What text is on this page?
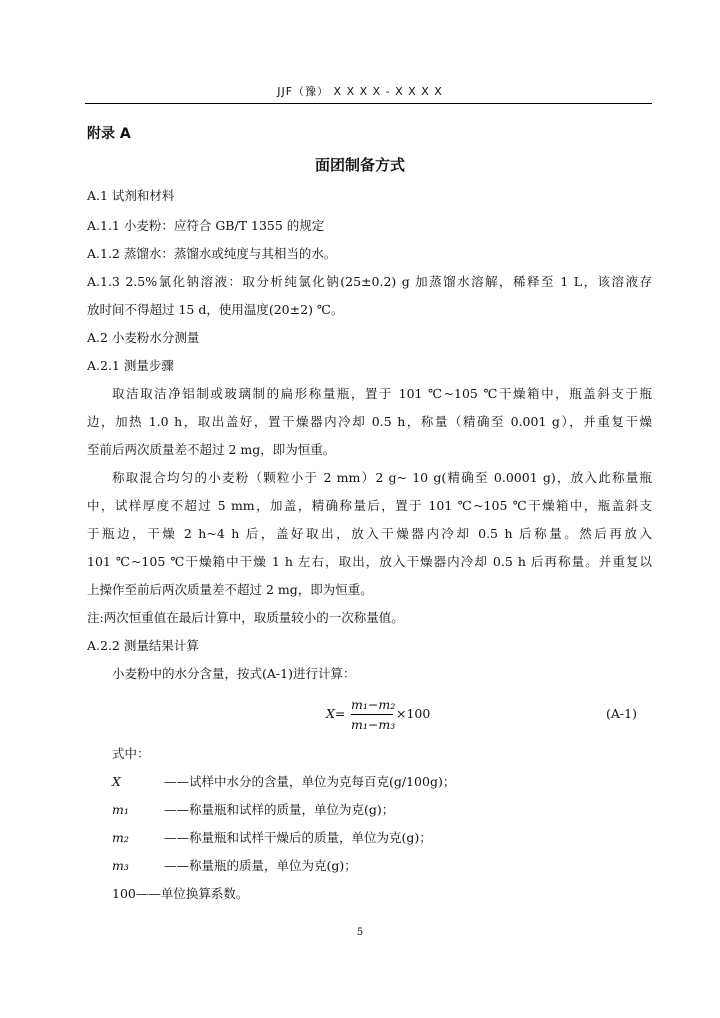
JJF（豫） X X X X - X X X X
附录 A
面团制备方式
A.1 试剂和材料
A.1.1 小麦粉：应符合 GB/T 1355 的规定
A.1.2 蒸馏水：蒸馏水或纯度与其相当的水。
A.1.3 2.5%氯化钠溶液：取分析纯氯化钠(25±0.2) g 加蒸馏水溶解，稀释至 1 L，该溶液存
放时间不得超过 15 d，使用温度(20±2) ℃。
A.2 小麦粉水分测量
A.2.1 测量步骤
取洁取洁净铝制或玻璃制的扁形称量瓶，置于 101 ℃~105 ℃干燥箱中，瓶盖斜支于瓶
边，加热 1.0 h，取出盖好，置干燥器内冷却 0.5 h，称量（精确至 0.001 g），并重复干燥
至前后两次质量差不超过 2 mg，即为恒重。
称取混合均匀的小麦粉（颗粒小于 2 mm）2 g~ 10 g(精确至 0.0001 g)，放入此称量瓶
中，试样厚度不超过 5 mm，加盖，精确称量后，置于 101 ℃~105 ℃干燥箱中，瓶盖斜支
于瓶边，干燥 2 h~4 h 后，盖好取出，放入干燥器内冷却 0.5 h 后称量。然后再放入
101 ℃~105 ℃干燥箱中干燥 1 h 左右，取出，放入干燥器内冷却 0.5 h 后再称量。并重复以
上操作至前后两次质量差不超过 2 mg，即为恒重。
注:两次恒重值在最后计算中，取质量较小的一次称量值。
A.2.2 测量结果计算
小麦粉中的水分含量，按式(A-1)进行计算：
X=
m₁−m₂
m₁−m₃
×100	(A-1)
式中：
X	——试样中水分的含量，单位为克每百克(g/100g)；
m₁	——称量瓶和试样的质量，单位为克(g)；
m₂	——称量瓶和试样干燥后的质量，单位为克(g)；
m₃	——称量瓶的质量，单位为克(g)；
100——单位换算系数。
5
